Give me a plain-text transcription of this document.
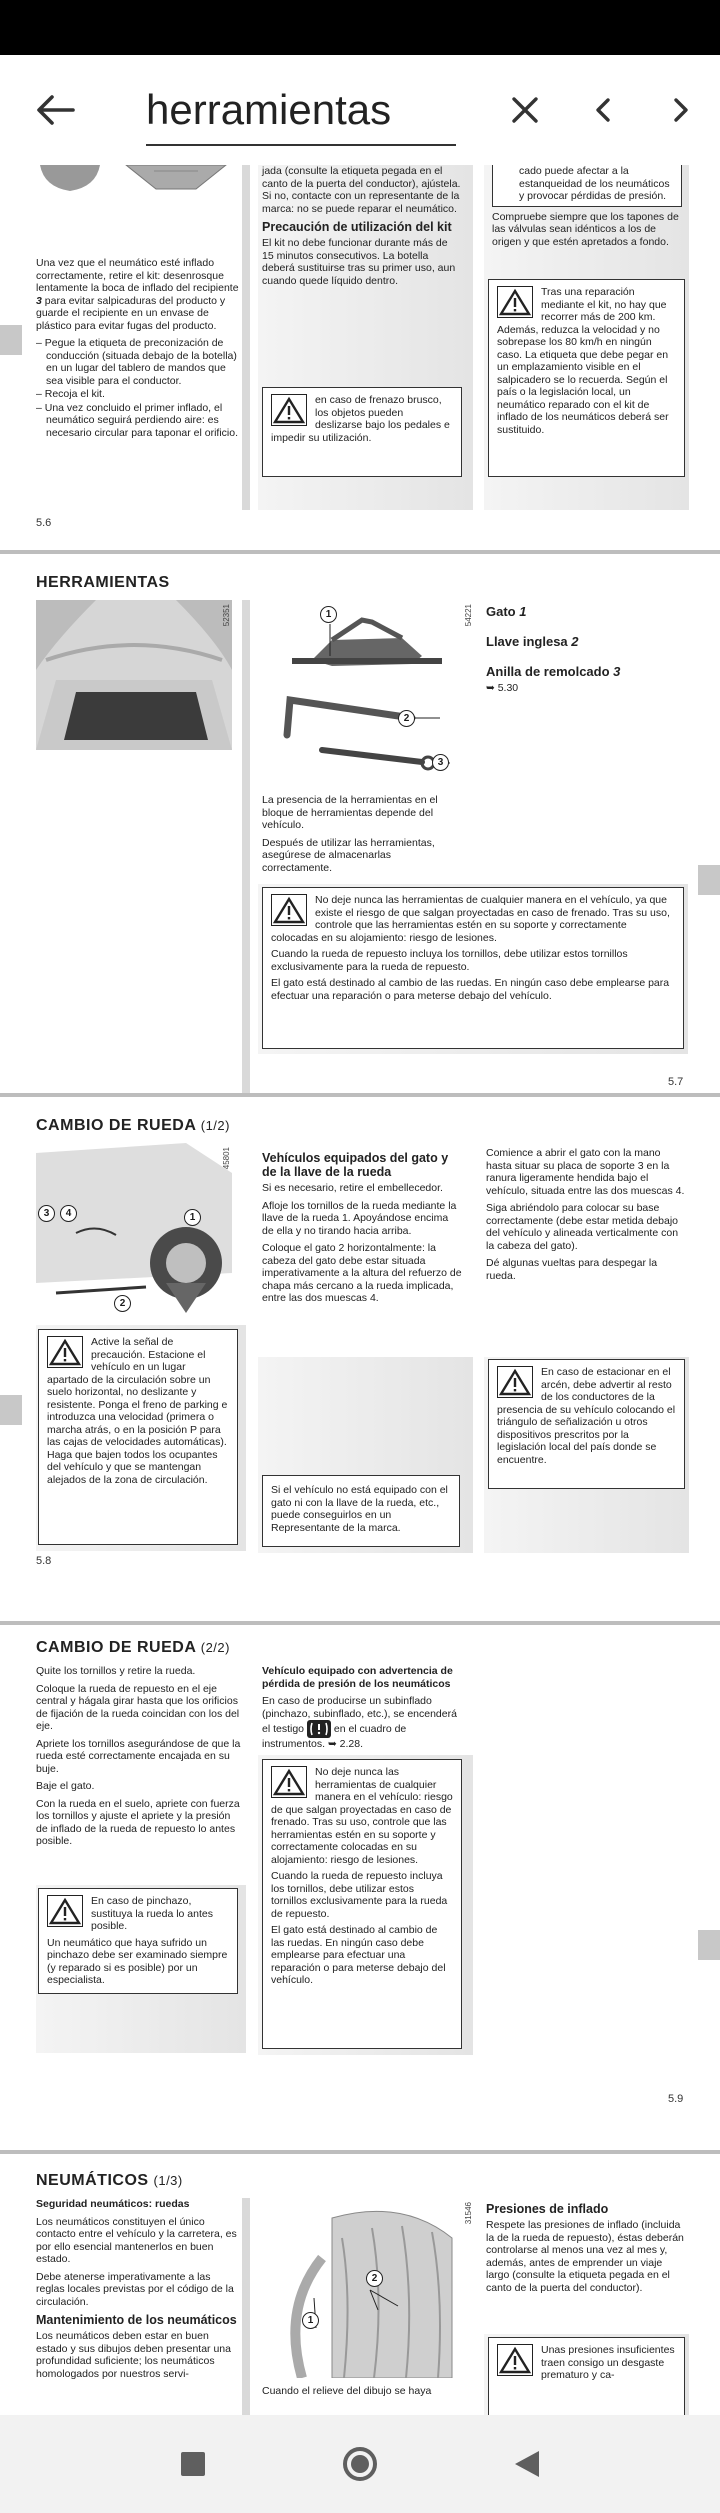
herramientas

Una vez que el neumático esté inflado correctamente, retire el kit: desenrosque lentamente la boca de inflado del recipiente 3 para evitar salpicaduras del producto y guarde el recipiente en un envase de plástico para evitar fugas del producto.

– Pegue la etiqueta de preconización de conducción (situada debajo de la botella) en un lugar del tablero de mandos que sea visible para el conductor.
– Recoja el kit.
– Una vez concluido el primer inflado, el neumático seguirá perdiendo aire: es necesario circular para taponar el orificio.

jada (consulte la etiqueta pegada en el canto de la puerta del conductor), ajústela. Si no, contacte con un representante de la marca: no se puede reparar el neumático.

Precaución de utilización del kit

El kit no debe funcionar durante más de 15 minutos consecutivos. La botella deberá sustituirse tras su primer uso, aun cuando quede líquido dentro.

en caso de frenazo brusco, los objetos pueden deslizarse bajo los pedales e impedir su utilización.
cado puede afectar a la estanqueidad de los neumáticos y provocar pérdidas de presión.

Compruebe siempre que los tapones de las válvulas sean idénticos a los de origen y que estén apretados a fondo.

Tras una reparación mediante el kit, no hay que recorrer más de 200 km. Además, reduzca la velocidad y no sobrepase los 80 km/h en ningún caso. La etiqueta que debe pegar en un emplazamiento visible en el salpicadero se lo recuerda. Según el país o la legislación local, un neumático reparado con el kit de inflado de los neumáticos deberá ser sustituido.
5.6
HERRAMIENTAS
52351	1
2
3
54221

La presencia de la herramientas en el bloque de herramientas depende del vehículo.

Después de utilizar las herramientas, asegúrese de almacenarlas correctamente.

Gato 1

Llave inglesa 2

Anilla de remolcado 3

➥ 5.30

No deje nunca las herramientas de cualquier manera en el vehículo, ya que existe el riesgo de que salgan proyectadas en caso de frenado. Tras su uso, controle que las herramientas estén en su soporte y correctamente colocadas en su alojamiento: riesgo de lesiones.

Cuando la rueda de repuesto incluya los tornillos, debe utilizar estos tornillos exclusivamente para la rueda de repuesto.

El gato está destinado al cambio de las ruedas. En ningún caso debe emplearse para efectuar una reparación o para meterse debajo del vehículo.

5.7
CAMBIO DE RUEDA (1/2)
3	4	1
2
45801
Active la señal de precaución. Estacione el vehículo en un lugar apartado de la circulación sobre un suelo horizontal, no deslizante y resistente. Ponga el freno de parking e introduzca una velocidad (primera o marcha atrás, o en la posición P para las cajas de velocidades automáticas). Haga que bajen todos los ocupantes del vehículo y que se mantengan alejados de la zona de circulación.
Vehículos equipados del gato y de la llave de la rueda

Si es necesario, retire el embellecedor.

Afloje los tornillos de la rueda mediante la llave de la rueda 1. Apoyándose encima de ella y no tirando hacia arriba.

Coloque el gato 2 horizontalmente: la cabeza del gato debe estar situada imperativamente a la altura del refuerzo de chapa más cercano a la rueda implicada, entre las dos muescas 4.

Si el vehículo no está equipado con el gato ni con la llave de la rueda, etc., puede conseguirlos en un Representante de la marca.

Comience a abrir el gato con la mano hasta situar su placa de soporte 3 en la ranura ligeramente hendida bajo el vehículo, situada entre las dos muescas 4.

Siga abriéndolo para colocar su base correctamente (debe estar metida debajo del vehículo y alineada verticalmente con la cabeza del gato).

Dé algunas vueltas para despegar la rueda.

En caso de estacionar en el arcén, debe advertir al resto de los conductores de la presencia de su vehículo colocando el triángulo de señalización u otros dispositivos prescritos por la legislación local del país donde se encuentre.
5.8
CAMBIO DE RUEDA (2/2)

Quite los tornillos y retire la rueda.

Coloque la rueda de repuesto en el eje central y hágala girar hasta que los orificios de fijación de la rueda coincidan con los del eje.

Apriete los tornillos asegurándose de que la rueda esté correctamente encajada en su buje.

Baje el gato.

Con la rueda en el suelo, apriete con fuerza los tornillos y ajuste el apriete y la presión de inflado de la rueda de repuesto lo antes posible.

En caso de pinchazo, sustituya la rueda lo antes posible.

Un neumático que haya sufrido un pinchazo debe ser examinado siempre (y reparado si es posible) por un especialista.

Vehículo equipado con advertencia de pérdida de presión de los neumáticos

En caso de producirse un subinflado (pinchazo, subinflado, etc.), se encenderá el testigo	en el cuadro de instrumentos. ➥ 2.28.

No deje nunca las herramientas de cualquier manera en el vehículo: riesgo de que salgan proyectadas en caso de frenado. Tras su uso, controle que las herramientas estén en su soporte y correctamente colocadas en su alojamiento: riesgo de lesiones.

Cuando la rueda de repuesto incluya los tornillos, debe utilizar estos tornillos exclusivamente para la rueda de repuesto.

El gato está destinado al cambio de las ruedas. En ningún caso debe emplearse para efectuar una reparación o para meterse debajo del vehículo.

5.9
NEUMÁTICOS (1/3)

Seguridad neumáticos: ruedas

Los neumáticos constituyen el único contacto entre el vehículo y la carretera, es por ello esencial mantenerlos en buen estado.

Debe atenerse imperativamente a las reglas locales previstas por el código de la circulación.

Mantenimiento de los neumáticos

Los neumáticos deben estar en buen estado y sus dibujos deben presentar una profundidad suficiente; los neumáticos homologados por nuestros servi-

2
1
31546

Cuando el relieve del dibujo se haya

Presiones de inflado

Respete las presiones de inflado (incluida la de la rueda de repuesto), éstas deberán controlarse al menos una vez al mes y, además, antes de emprender un viaje largo (consulte la etiqueta pegada en el canto de la puerta del conductor).

Unas presiones insuficientes traen consigo un desgaste prematuro y ca-
